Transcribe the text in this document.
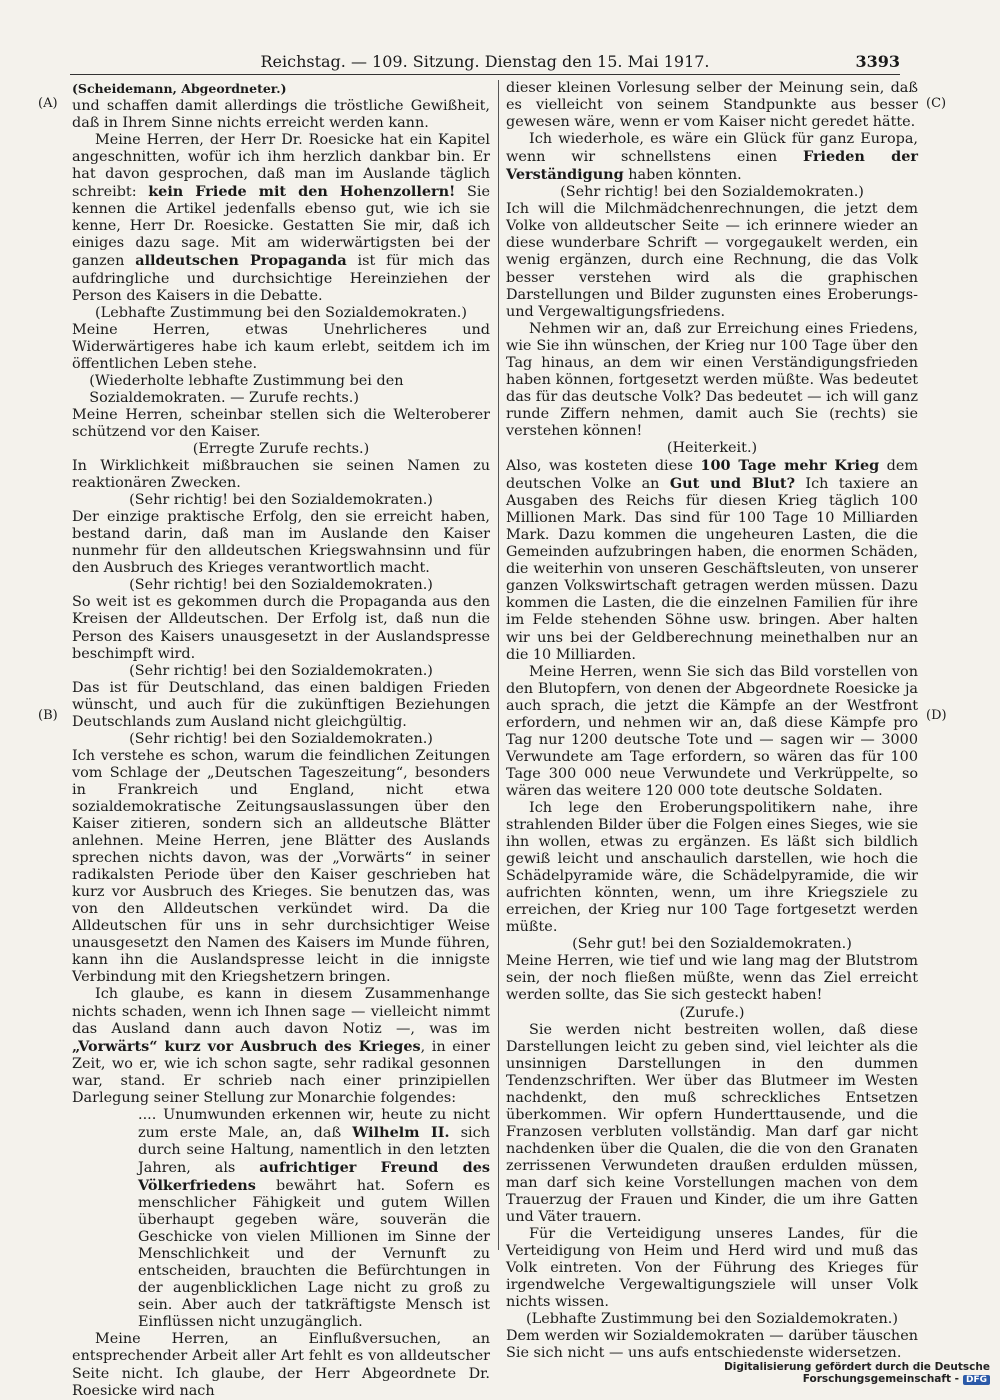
Reichstag. — 109. Sitzung. Dienstag den 15. Mai 1917.	3393
(A)
(B)
(C)
(D)

(Scheidemann, Abgeordneter.)

und schaffen damit allerdings die tröstliche Gewißheit, daß in Ihrem Sinne nichts erreicht werden kann.

Meine Herren, der Herr Dr. Roesicke hat ein Kapitel angeschnitten, wofür ich ihm herzlich dankbar bin. Er hat davon gesprochen, daß man im Auslande täglich schreibt: kein Friede mit den Hohenzollern! Sie kennen die Artikel jedenfalls ebenso gut, wie ich sie kenne, Herr Dr. Roesicke. Gestatten Sie mir, daß ich einiges dazu sage. Mit am widerwärtigsten bei der ganzen alldeutschen Propaganda ist für mich das aufdringliche und durchsichtige Hereinziehen der Person des Kaisers in die Debatte.

(Lebhafte Zustimmung bei den Sozialdemokraten.)

Meine Herren, etwas Unehrlicheres und Widerwärtigeres habe ich kaum erlebt, seitdem ich im öffentlichen Leben stehe.

(Wiederholte lebhafte Zustimmung bei den Sozialdemokraten. — Zurufe rechts.)

Meine Herren, scheinbar stellen sich die Welteroberer schützend vor den Kaiser.

(Erregte Zurufe rechts.)

In Wirklichkeit mißbrauchen sie seinen Namen zu reaktionären Zwecken.

(Sehr richtig! bei den Sozialdemokraten.)

Der einzige praktische Erfolg, den sie erreicht haben, bestand darin, daß man im Auslande den Kaiser nunmehr für den alldeutschen Kriegswahnsinn und für den Ausbruch des Krieges verantwortlich macht.

(Sehr richtig! bei den Sozialdemokraten.)

So weit ist es gekommen durch die Propaganda aus den Kreisen der Alldeutschen. Der Erfolg ist, daß nun die Person des Kaisers unausgesetzt in der Auslandspresse beschimpft wird.

(Sehr richtig! bei den Sozialdemokraten.)

Das ist für Deutschland, das einen baldigen Frieden wünscht, und auch für die zukünftigen Beziehungen Deutschlands zum Ausland nicht gleichgültig.

(Sehr richtig! bei den Sozialdemokraten.)

Ich verstehe es schon, warum die feindlichen Zeitungen vom Schlage der „Deutschen Tageszeitung“, besonders in Frankreich und England, nicht etwa sozialdemokratische Zeitungsauslassungen über den Kaiser zitieren, sondern sich an alldeutsche Blätter anlehnen. Meine Herren, jene Blätter des Auslands sprechen nichts davon, was der „Vorwärts“ in seiner radikalsten Periode über den Kaiser geschrieben hat kurz vor Ausbruch des Krieges. Sie benutzen das, was von den Alldeutschen verkündet wird. Da die Alldeutschen für uns in sehr durchsichtiger Weise unausgesetzt den Namen des Kaisers im Munde führen, kann ihn die Auslandspresse leicht in die innigste Verbindung mit den Kriegshetzern bringen.

Ich glaube, es kann in diesem Zusammenhange nichts schaden, wenn ich Ihnen sage — vielleicht nimmt das Ausland dann auch davon Notiz —, was im „Vorwärts“ kurz vor Ausbruch des Krieges, in einer Zeit, wo er, wie ich schon sagte, sehr radikal gesonnen war, stand. Er schrieb nach einer prinzipiellen Darlegung seiner Stellung zur Monarchie folgendes:

.... Unumwunden erkennen wir, heute zu nicht zum erste Male, an, daß Wilhelm II. sich durch seine Haltung, namentlich in den letzten Jahren, als aufrichtiger Freund des Völkerfriedens bewährt hat. Sofern es menschlicher Fähigkeit und gutem Willen überhaupt gegeben wäre, souverän die Geschicke von vielen Millionen im Sinne der Menschlichkeit und der Vernunft zu entscheiden, brauchten die Befürchtungen in der augenblicklichen Lage nicht zu groß zu sein. Aber auch der tatkräftigste Mensch ist Einflüssen nicht unzugänglich.

Meine Herren, an Einflußversuchen, an entsprechender Arbeit aller Art fehlt es von alldeutscher Seite nicht. Ich glaube, der Herr Abgeordnete Dr. Roesicke wird nach

dieser kleinen Vorlesung selber der Meinung sein, daß es vielleicht von seinem Standpunkte aus besser gewesen wäre, wenn er vom Kaiser nicht geredet hätte.

Ich wiederhole, es wäre ein Glück für ganz Europa, wenn wir schnellstens einen Frieden der Verständigung haben könnten.

(Sehr richtig! bei den Sozialdemokraten.)

Ich will die Milchmädchenrechnungen, die jetzt dem Volke von alldeutscher Seite — ich erinnere wieder an diese wunderbare Schrift — vorgegaukelt werden, ein wenig ergänzen, durch eine Rechnung, die das Volk besser verstehen wird als die graphischen Darstellungen und Bilder zugunsten eines Eroberungs- und Vergewaltigungsfriedens.

Nehmen wir an, daß zur Erreichung eines Friedens, wie Sie ihn wünschen, der Krieg nur 100 Tage über den Tag hinaus, an dem wir einen Verständigungsfrieden haben können, fortgesetzt werden müßte. Was bedeutet das für das deutsche Volk? Das bedeutet — ich will ganz runde Ziffern nehmen, damit auch Sie (rechts) sie verstehen können!

(Heiterkeit.)

Also, was kosteten diese 100 Tage mehr Krieg dem deutschen Volke an Gut und Blut? Ich taxiere an Ausgaben des Reichs für diesen Krieg täglich 100 Millionen Mark. Das sind für 100 Tage 10 Milliarden Mark. Dazu kommen die ungeheuren Lasten, die die Gemeinden aufzubringen haben, die enormen Schäden, die weiterhin von unseren Geschäftsleuten, von unserer ganzen Volkswirtschaft getragen werden müssen. Dazu kommen die Lasten, die die einzelnen Familien für ihre im Felde stehenden Söhne usw. bringen. Aber halten wir uns bei der Geldberechnung meinethalben nur an die 10 Milliarden.

Meine Herren, wenn Sie sich das Bild vorstellen von den Blutopfern, von denen der Abgeordnete Roesicke ja auch sprach, die jetzt die Kämpfe an der Westfront erfordern, und nehmen wir an, daß diese Kämpfe pro Tag nur 1200 deutsche Tote und — sagen wir — 3000 Verwundete am Tage erfordern, so wären das für 100 Tage 300 000 neue Verwundete und Verkrüppelte, so wären das weitere 120 000 tote deutsche Soldaten.

Ich lege den Eroberungspolitikern nahe, ihre strahlenden Bilder über die Folgen eines Sieges, wie sie ihn wollen, etwas zu ergänzen. Es läßt sich bildlich gewiß leicht und anschaulich darstellen, wie hoch die Schädelpyramide wäre, die Schädelpyramide, die wir aufrichten könnten, wenn, um ihre Kriegsziele zu erreichen, der Krieg nur 100 Tage fortgesetzt werden müßte.

(Sehr gut! bei den Sozialdemokraten.)

Meine Herren, wie tief und wie lang mag der Blutstrom sein, der noch fließen müßte, wenn das Ziel erreicht werden sollte, das Sie sich gesteckt haben!

(Zurufe.)

Sie werden nicht bestreiten wollen, daß diese Darstellungen leicht zu geben sind, viel leichter als die unsinnigen Darstellungen in den dummen Tendenzschriften. Wer über das Blutmeer im Westen nachdenkt, den muß schreckliches Entsetzen überkommen. Wir opfern Hunderttausende, und die Franzosen verbluten vollständig. Man darf gar nicht nachdenken über die Qualen, die die von den Granaten zerrissenen Verwundeten draußen erdulden müssen, man darf sich keine Vorstellungen machen von dem Trauerzug der Frauen und Kinder, die um ihre Gatten und Väter trauern.

Für die Verteidigung unseres Landes, für die Verteidigung von Heim und Herd wird und muß das Volk eintreten. Von der Führung des Krieges für irgendwelche Vergewaltigungsziele will unser Volk nichts wissen.

(Lebhafte Zustimmung bei den Sozialdemokraten.)

Dem werden wir Sozialdemokraten — darüber täuschen Sie sich nicht — uns aufs entschiedenste widersetzen.

Digitalisierung gefördert durch die Deutsche Forschungsgemeinschaft - DFG
